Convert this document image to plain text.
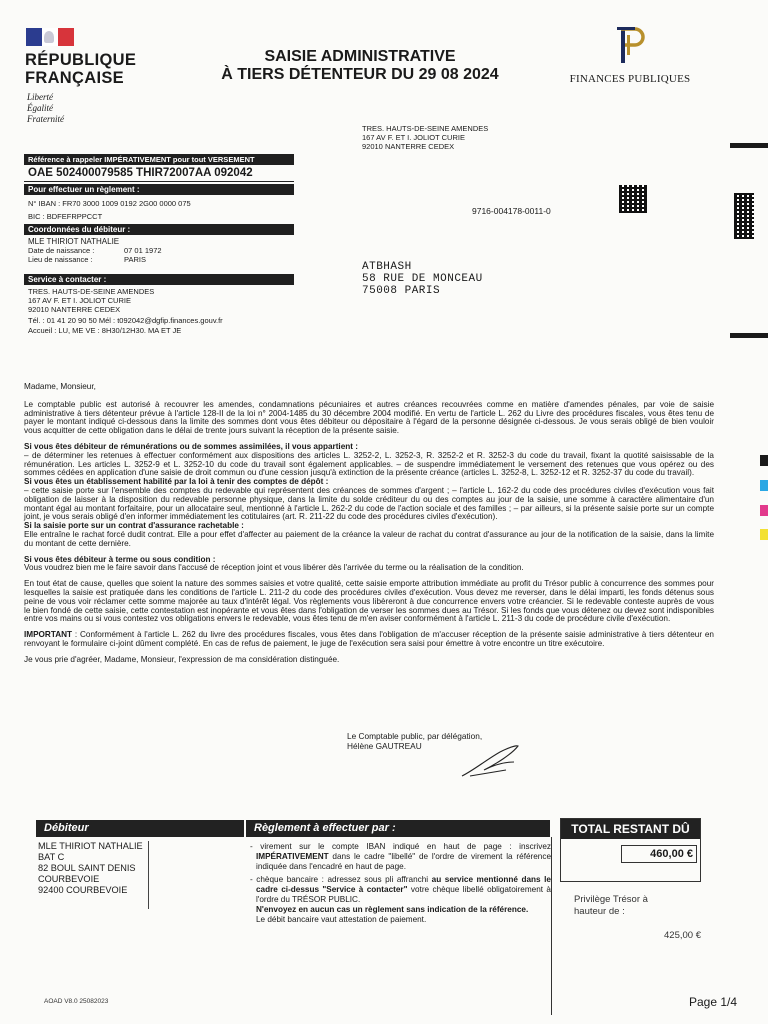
RÉPUBLIQUE
FRANÇAISE
Liberté
Égalité
Fraternité
SAISIE ADMINISTRATIVE
À TIERS DÉTENTEUR DU 29 08 2024	FINANCES PUBLIQUES
TRES. HAUTS-DE-SEINE AMENDES
167 AV F. ET I. JOLIOT CURIE
92010 NANTERRE CEDEX
Référence à rappeler IMPÉRATIVEMENT pour tout VERSEMENT
OAE 502400079585 THIR72007AA 092042
Pour effectuer un règlement :
N° IBAN : FR70 3000 1009 0192 2G00 0000 075
BIC : BDFEFRPPCCT
Coordonnées du débiteur :
MLE THIRIOT NATHALIE
Date de naissance :	07 01 1972
Lieu de naissance :	PARIS
Service à contacter :
TRES. HAUTS-DE-SEINE AMENDES
167 AV F. ET I. JOLIOT CURIE
92010 NANTERRE CEDEX
Tél. : 01 41 20 90 50 Mél : t092042@dgfip.finances.gouv.fr
Accueil : LU, ME VE : 8H30/12H30. MA ET JE
9716-004178-0011-0
ATBHASH
58 RUE DE MONCEAU
75008 PARIS

Madame, Monsieur,

Le comptable public est autorisé à recouvrer les amendes, condamnations pécuniaires et autres créances recouvrées comme en matière d'amendes pénales, par voie de saisie administrative à tiers détenteur prévue à l'article 128-II de la loi n° 2004-1485 du 30 décembre 2004 modifié. En vertu de l'article L. 262 du Livre des procédures fiscales, vous êtes tenu de payer le montant indiqué ci-dessous dans la limite des sommes dont vous êtes débiteur ou dépositaire à l'égard de la personne désignée ci-dessous. Je vous serais obligé de bien vouloir vous acquitter de cette obligation dans le délai de trente jours suivant la réception de la présente saisie.

Si vous êtes débiteur de rémunérations ou de sommes assimilées, il vous appartient :
– de déterminer les retenues à effectuer conformément aux dispositions des articles L. 3252-2, L. 3252-3, R. 3252-2 et R. 3252-3 du code du travail, fixant la quotité saisissable de la rémunération. Les articles L. 3252-9 et L. 3252-10 du code du travail sont également applicables. – de suspendre immédiatement le versement des retenues que vous opérez ou des sommes cédées en application d'une saisie de droit commun ou d'une cession jusqu'à extinction de la présente créance (articles L. 3252-8, L. 3252-12 et R. 3252-37 du code du travail).
Si vous êtes un établissement habilité par la loi à tenir des comptes de dépôt :
– cette saisie porte sur l'ensemble des comptes du redevable qui représentent des créances de sommes d'argent ; – l'article L. 162-2 du code des procédures civiles d'exécution vous fait obligation de laisser à la disposition du redevable personne physique, dans la limite du solde créditeur du ou des comptes au jour de la saisie, une somme à caractère alimentaire d'un montant égal au montant forfaitaire, pour un allocataire seul, mentionné à l'article L. 262-2 du code de l'action sociale et des familles ; – par ailleurs, si la présente saisie porte sur un compte joint, je vous serais obligé d'en informer immédiatement les cotitulaires (art. R. 211-22 du code des procédures civiles d'exécution).
Si la saisie porte sur un contrat d'assurance rachetable :

Elle entraîne le rachat forcé dudit contrat. Elle a pour effet d'affecter au paiement de la créance la valeur de rachat du contrat d'assurance au jour de la notification de la saisie, dans la limite du montant de cette dernière.

Si vous êtes débiteur à terme ou sous condition :

Vous voudrez bien me le faire savoir dans l'accusé de réception joint et vous libérer dès l'arrivée du terme ou la réalisation de la condition.

En tout état de cause, quelles que soient la nature des sommes saisies et votre qualité, cette saisie emporte attribution immédiate au profit du Trésor public à concurrence des sommes pour lesquelles la saisie est pratiquée dans les conditions de l'article L. 211-2 du code des procédures civiles d'exécution. Vous devez me reverser, dans le délai imparti, les fonds détenus sous peine de vous voir réclamer cette somme majorée au taux d'intérêt légal. Vos règlements vous libèreront à due concurrence envers votre créancier. Si le redevable conteste auprès de vous le bien fondé de cette saisie, cette contestation est inopérante et vous êtes dans l'obligation de verser les sommes dues au Trésor. Si les fonds que vous détenez ou devez sont indisponibles entre vos mains ou si vous contestez vos obligations envers le redevable, vous êtes tenu de m'en aviser conformément à l'article L. 211-3 du code de procédure civile d'exécution.

IMPORTANT : Conformément à l'article L. 262 du livre des procédures fiscales, vous êtes dans l'obligation de m'accuser réception de la présente saisie administrative à tiers détenteur en renvoyant le formulaire ci-joint dûment complété. En cas de refus de paiement, le juge de l'exécution sera saisi pour émettre à votre encontre un titre exécutoire.

Je vous prie d'agréer, Madame, Monsieur, l'expression de ma considération distinguée.

Le Comptable public, par délégation,
Hélène GAUTREAU
Débiteur	Règlement à effectuer par :	TOTAL RESTANT DÛ
460,00 €
MLE THIRIOT NATHALIE
BAT C
82 BOUL SAINT DENIS
COURBEVOIE
92400 COURBEVOIE
- virement sur le compte IBAN indiqué en haut de page : inscrivez IMPÉRATIVEMENT dans le cadre "libellé" de l'ordre de virement la référence indiquée dans l'encadré en haut de page.
- chèque bancaire : adressez sous pli affranchi au service mentionné dans le cadre ci-dessus "Service à contacter" votre chèque libellé obligatoirement à l'ordre du TRÉSOR PUBLIC.
N'envoyez en aucun cas un règlement sans indication de la référence.
Le débit bancaire vaut attestation de paiement.
Privilège Trésor à hauteur de :
425,00 €
AOAD V8.0 25082023	Page 1/4
